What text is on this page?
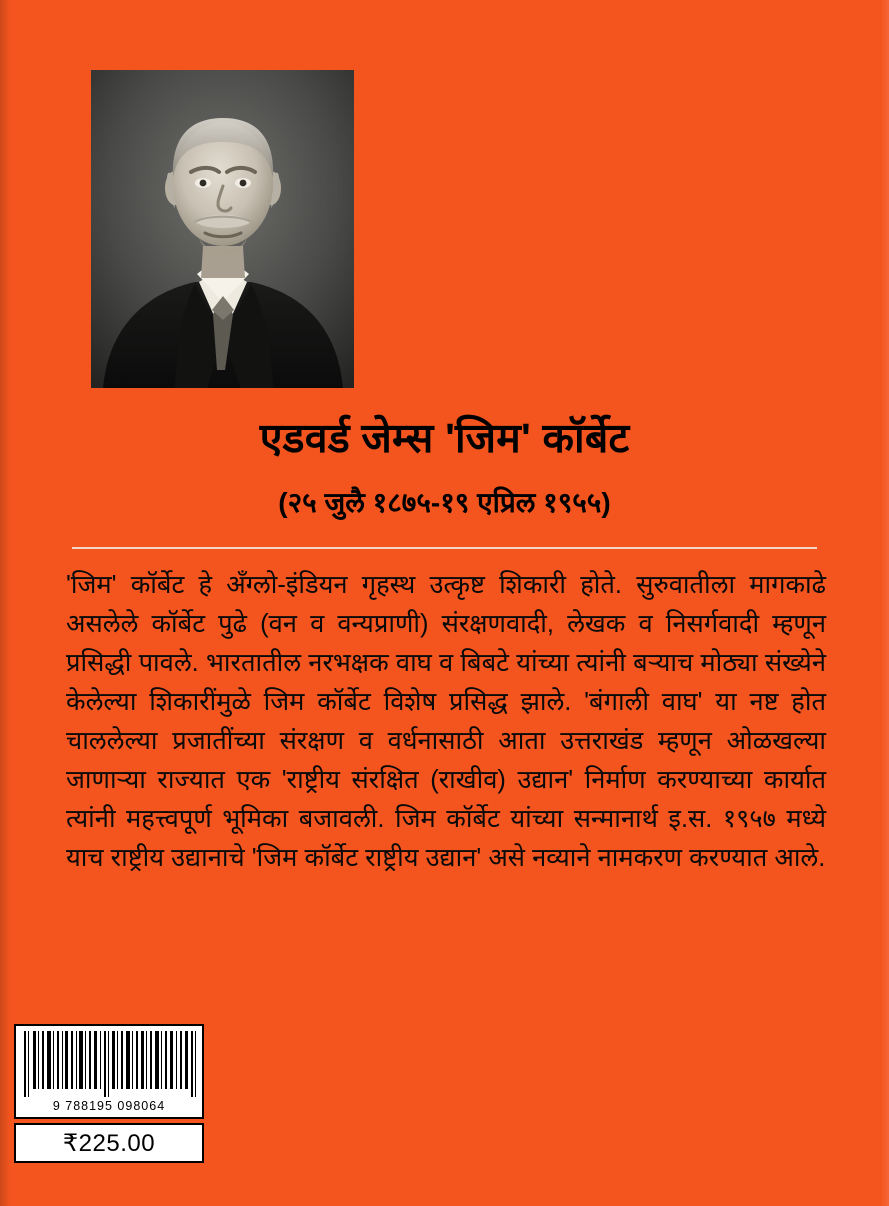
एडवर्ड जेम्स 'जिम' कॉर्बेट
(२५ जुलै १८७५-१९ एप्रिल १९५५)

'जिम' कॉर्बेट हे अँग्लो-इंडियन गृहस्थ उत्कृष्ट शिकारी होते. सुरुवातीला मागकाढे असलेले कॉर्बेट पुढे (वन व वन्यप्राणी) संरक्षणवादी, लेखक व निसर्गवादी म्हणून प्रसिद्धी पावले. भारतातील नरभक्षक वाघ व बिबटे यांच्या त्यांनी बऱ्याच मोठ्या संख्येने केलेल्या शिकारींमुळे जिम कॉर्बेट विशेष प्रसिद्ध झाले. 'बंगाली वाघ' या नष्ट होत चाललेल्या प्रजातींच्या संरक्षण व वर्धनासाठी आता उत्तराखंड म्हणून ओळखल्या जाणाऱ्या राज्यात एक 'राष्ट्रीय संरक्षित (राखीव) उद्यान' निर्माण करण्याच्या कार्यात त्यांनी महत्त्वपूर्ण भूमिका बजावली. जिम कॉर्बेट यांच्या सन्मानार्थ इ.स. १९५७ मध्ये याच राष्ट्रीय उद्यानाचे 'जिम कॉर्बेट राष्ट्रीय उद्यान' असे नव्याने नामकरण करण्यात आले.

9 788195 098064
₹225.00
